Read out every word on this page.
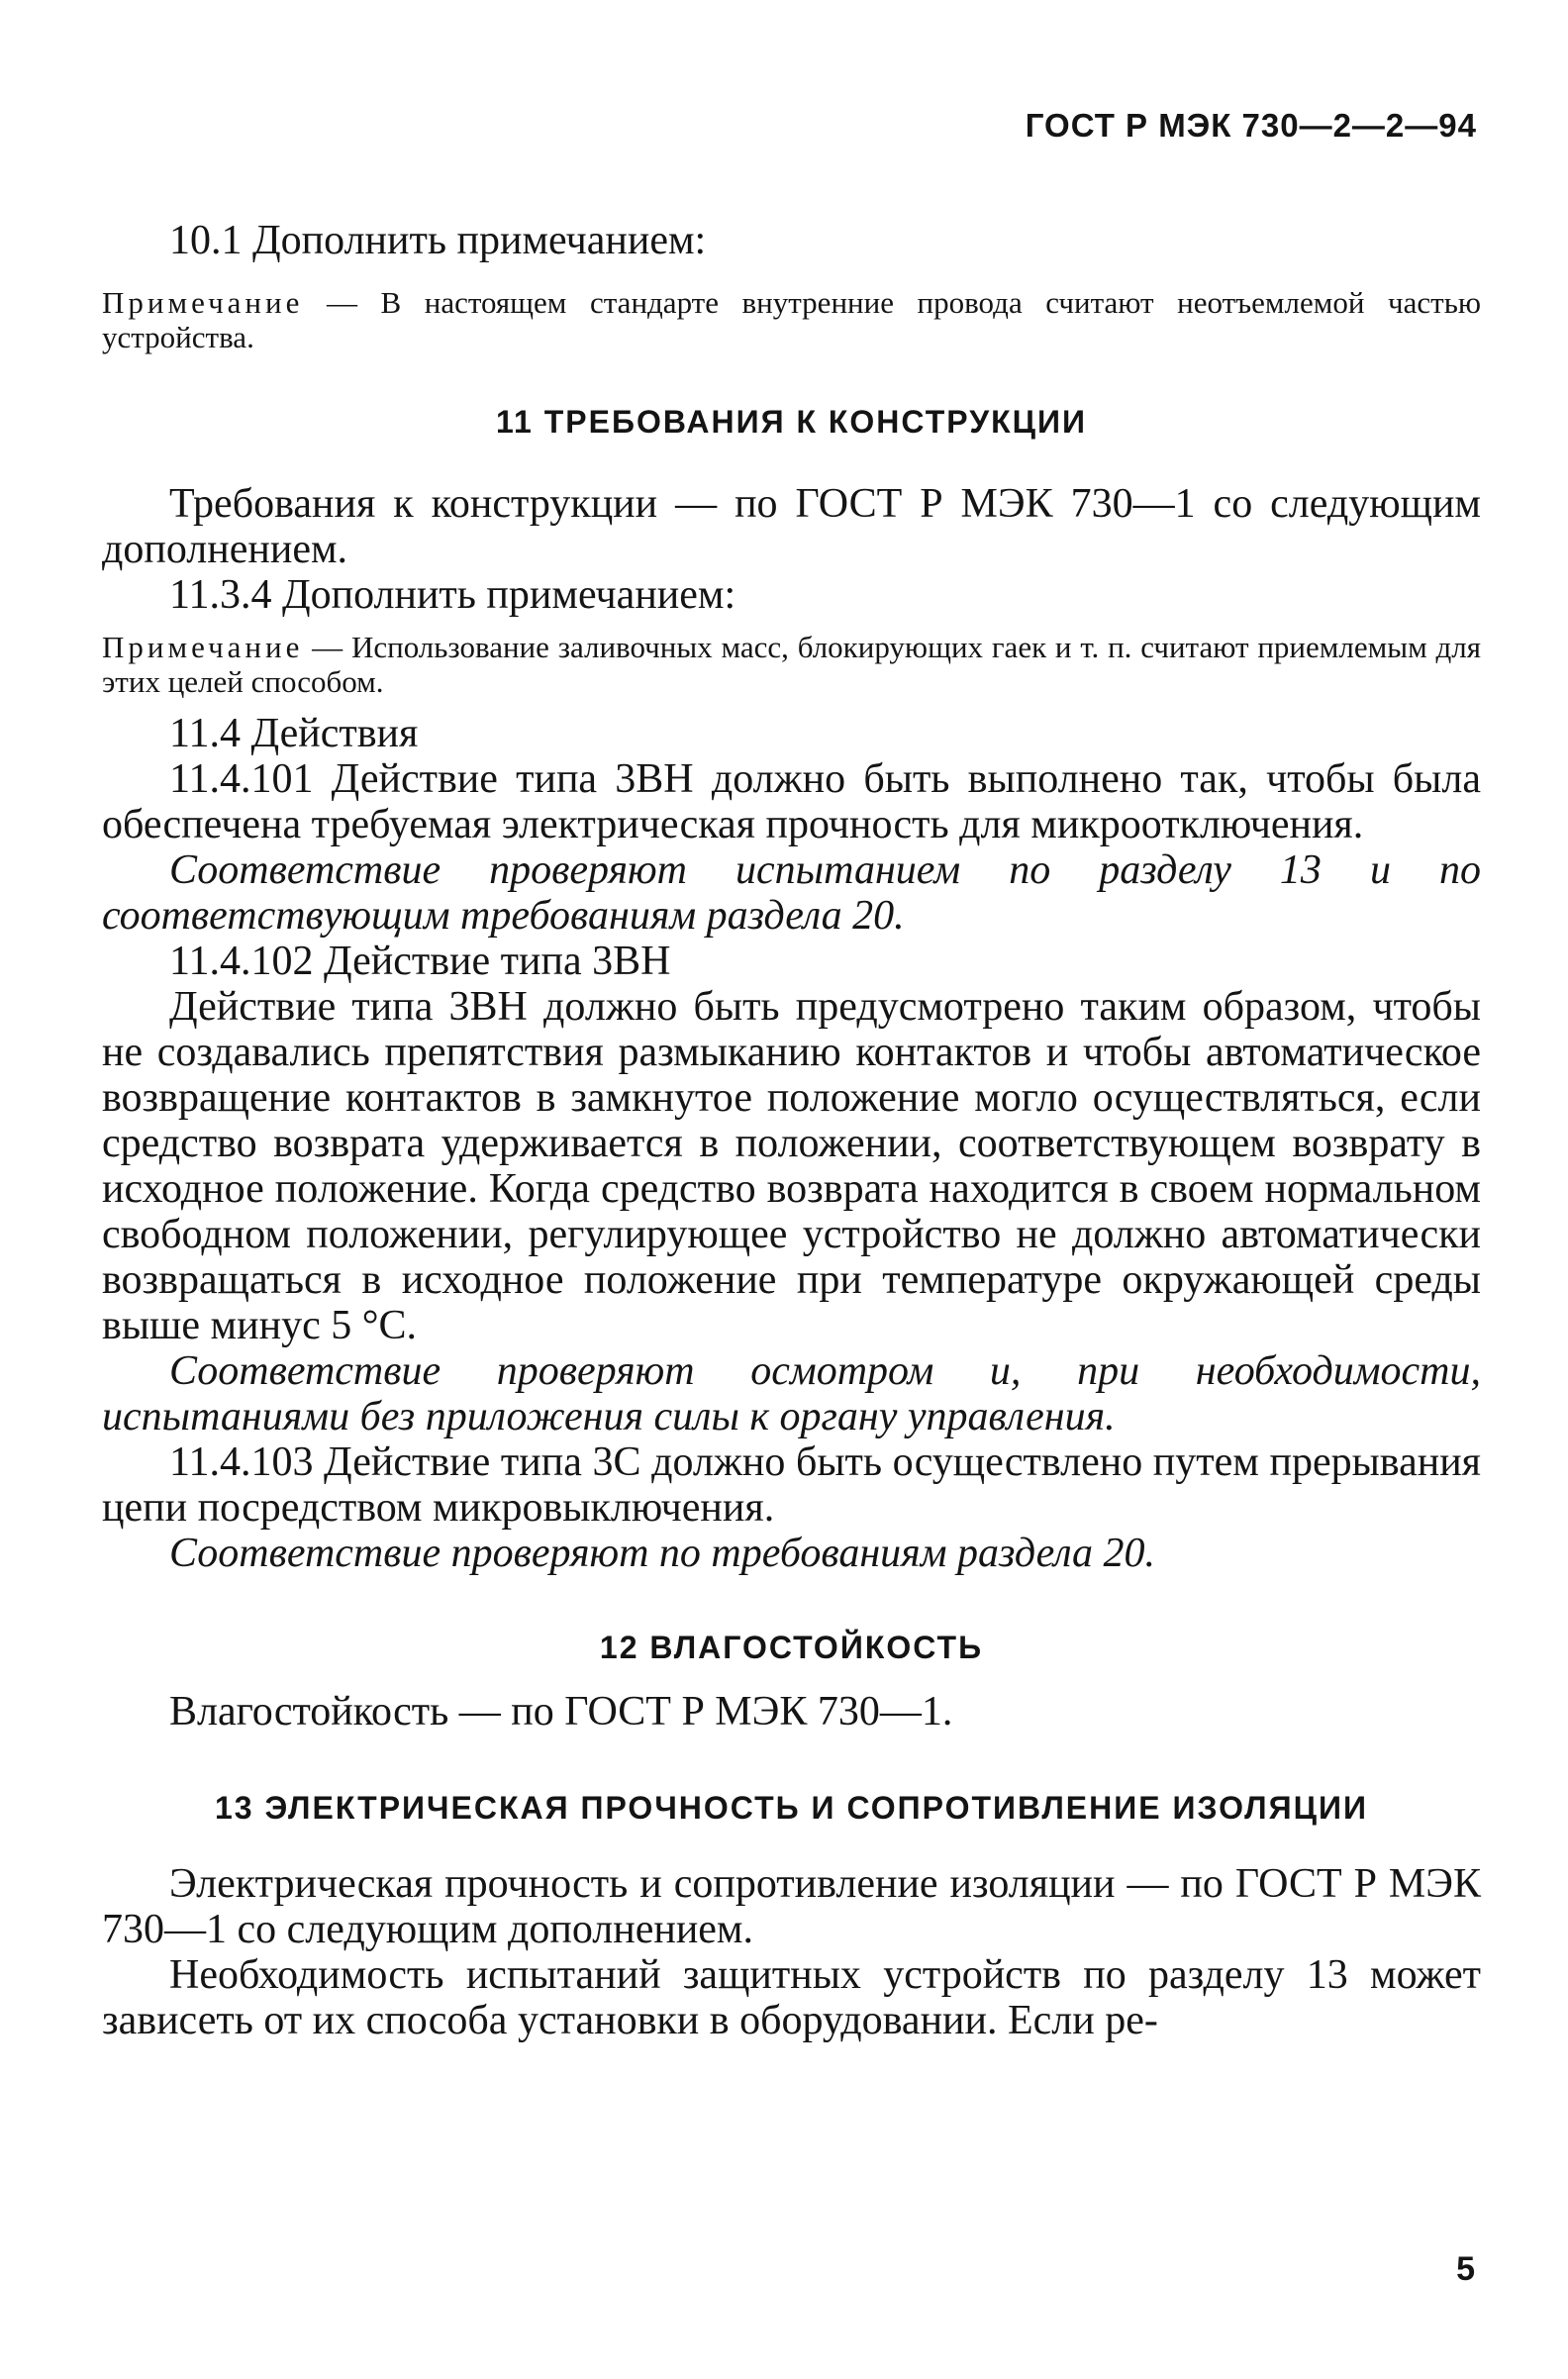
ГОСТ Р МЭК 730—2—2—94

10.1 Дополнить примечанием:

Примечание — В настоящем стандарте внутренние провода считают неотъемлемой частью устройства.

11 ТРЕБОВАНИЯ К КОНСТРУКЦИИ

Требования к конструкции — по ГОСТ Р МЭК 730—1 со следующим дополнением.

11.3.4 Дополнить примечанием:

Примечание — Использование заливочных масс, блокирующих гаек и т. п. считают приемлемым для этих целей способом.

11.4 Действия

11.4.101 Действие типа 3ВН должно быть выполнено так, чтобы была обеспечена требуемая электрическая прочность для микроотключения.

Соответствие проверяют испытанием по разделу 13 и по соответствующим требованиям раздела 20.

11.4.102 Действие типа 3ВН

Действие типа 3ВН должно быть предусмотрено таким образом, чтобы не создавались препятствия размыканию контактов и чтобы автоматическое возвращение контактов в замкнутое положение могло осуществляться, если средство возврата удерживается в положении, соответствующем возврату в исходное положение. Когда средство возврата находится в своем нормальном свободном положении, регулирующее устройство не должно автоматически возвращаться в исходное положение при температуре окружающей среды выше минус 5 °С.

Соответствие проверяют осмотром и, при необходимости, испытаниями без приложения силы к органу управления.

11.4.103 Действие типа 3С должно быть осуществлено путем прерывания цепи посредством микровыключения.

Соответствие проверяют по требованиям раздела 20.

12 ВЛАГОСТОЙКОСТЬ

Влагостойкость — по ГОСТ Р МЭК 730—1.

13 ЭЛЕКТРИЧЕСКАЯ ПРОЧНОСТЬ И СОПРОТИВЛЕНИЕ ИЗОЛЯЦИИ

Электрическая прочность и сопротивление изоляции — по ГОСТ Р МЭК 730—1 со следующим дополнением.

Необходимость испытаний защитных устройств по разделу 13 может зависеть от их способа установки в оборудовании. Если ре-

5
